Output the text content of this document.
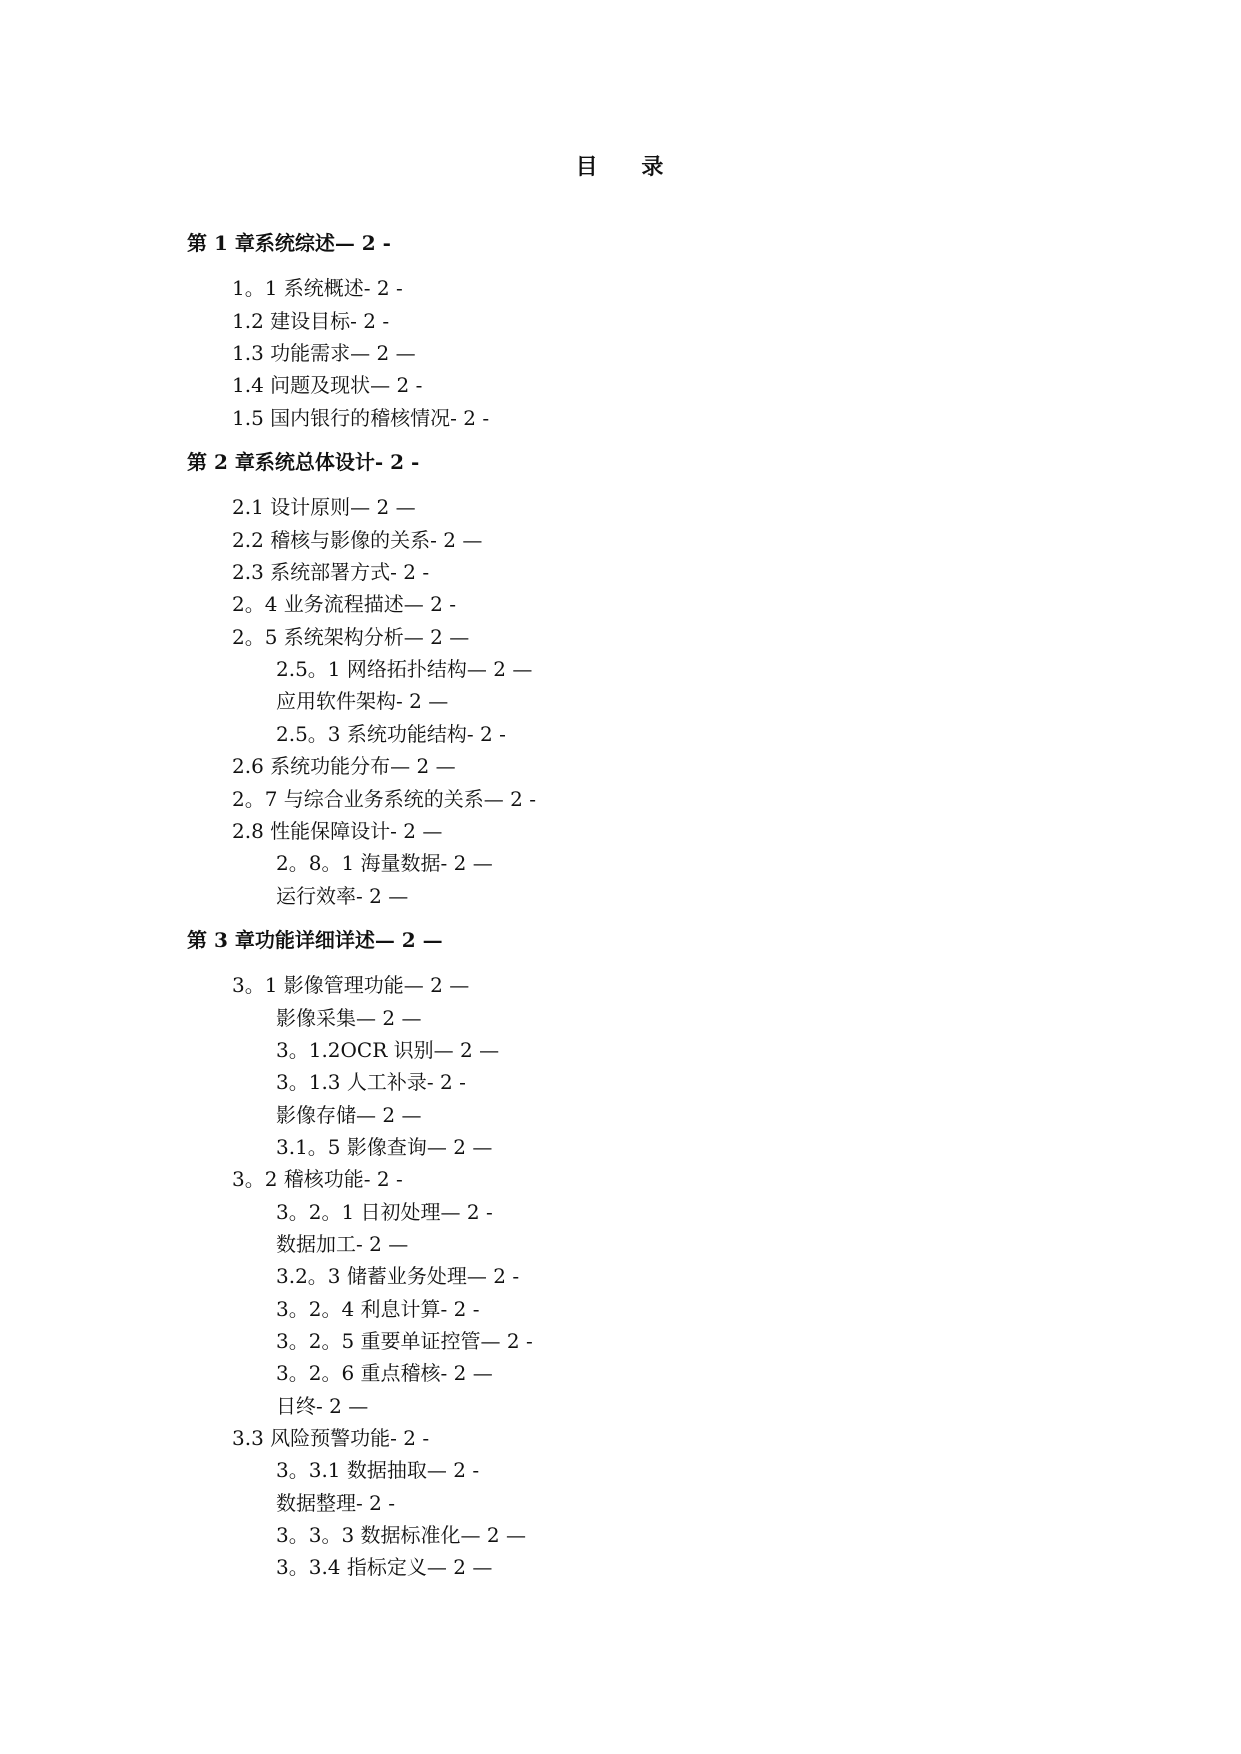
目 录
第 1 章系统综述— 2 -
1。1 系统概述- 2 -
1.2 建设目标- 2 -
1.3 功能需求— 2 —
1.4 问题及现状— 2 -
1.5 国内银行的稽核情况- 2 -
第 2 章系统总体设计- 2 -
2.1 设计原则— 2 —
2.2 稽核与影像的关系- 2 —
2.3 系统部署方式- 2 -
2。4 业务流程描述— 2 -
2。5 系统架构分析— 2 —
2.5。1 网络拓扑结构— 2 —
应用软件架构- 2 —
2.5。3 系统功能结构- 2 -
2.6 系统功能分布— 2 —
2。7 与综合业务系统的关系— 2 -
2.8 性能保障设计- 2 —
2。8。1 海量数据- 2 —
运行效率- 2 —
第 3 章功能详细详述— 2 —
3。1 影像管理功能— 2 —
影像采集— 2 —
3。1.2OCR 识别— 2 —
3。1.3 人工补录- 2 -
影像存储— 2 —
3.1。5 影像查询— 2 —
3。2 稽核功能- 2 -
3。2。1 日初处理— 2 -
数据加工- 2 —
3.2。3 储蓄业务处理— 2 -
3。2。4 利息计算- 2 -
3。2。5 重要单证控管— 2 -
3。2。6 重点稽核- 2 —
日终- 2 —
3.3 风险预警功能- 2 -
3。3.1 数据抽取— 2 -
数据整理- 2 -
3。3。3 数据标准化— 2 —
3。3.4 指标定义— 2 —
